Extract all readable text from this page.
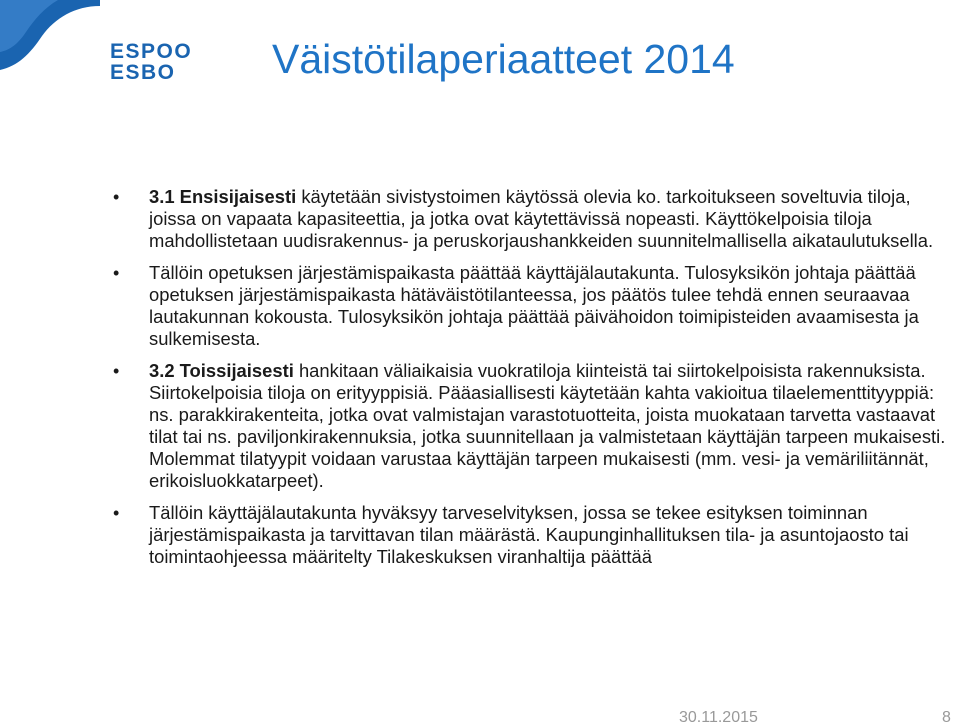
ESPOO
ESBO	Väistötilaperiaatteet 2014
• 3.1 Ensisijaisesti käytetään sivistystoimen käytössä olevia ko. tarkoitukseen soveltuvia tiloja, joissa on vapaata kapasiteettia, ja jotka ovat käytettävissä nopeasti. Käyttökelpoisia tiloja mahdollistetaan uudisrakennus- ja peruskorjaushankkeiden suunnitelmallisella aikataulutuksella.
• Tällöin opetuksen järjestämispaikasta päättää käyttäjälautakunta. Tulosyksikön johtaja päättää opetuksen järjestämispaikasta hätäväistötilanteessa, jos päätös tulee tehdä ennen seuraavaa lautakunnan kokousta. Tulosyksikön johtaja päättää päivähoidon toimipisteiden avaamisesta ja sulkemisesta.
• 3.2 Toissijaisesti hankitaan väliaikaisia vuokratiloja kiinteistä tai siirtokelpoisista rakennuksista. Siirtokelpoisia tiloja on erityyppisiä. Pääasiallisesti käytetään kahta vakioitua tilaelementtityyppiä: ns. parakkirakenteita, jotka ovat valmistajan varastotuotteita, joista muokataan tarvetta vastaavat tilat tai ns. paviljonkirakennuksia, jotka suunnitellaan ja valmistetaan käyttäjän tarpeen mukaisesti. Molemmat tilatyypit voidaan varustaa käyttäjän tarpeen mukaisesti (mm. vesi- ja vemäriliitännät, erikoisluokkatarpeet).
• Tällöin käyttäjälautakunta hyväksyy tarveselvityksen, jossa se tekee esityksen toiminnan järjestämispaikasta ja tarvittavan tilan määrästä. Kaupunginhallituksen tila- ja asuntojaosto tai toimintaohjeessa määritelty Tilakeskuksen viranhaltija päättää
30.11.2015	8
